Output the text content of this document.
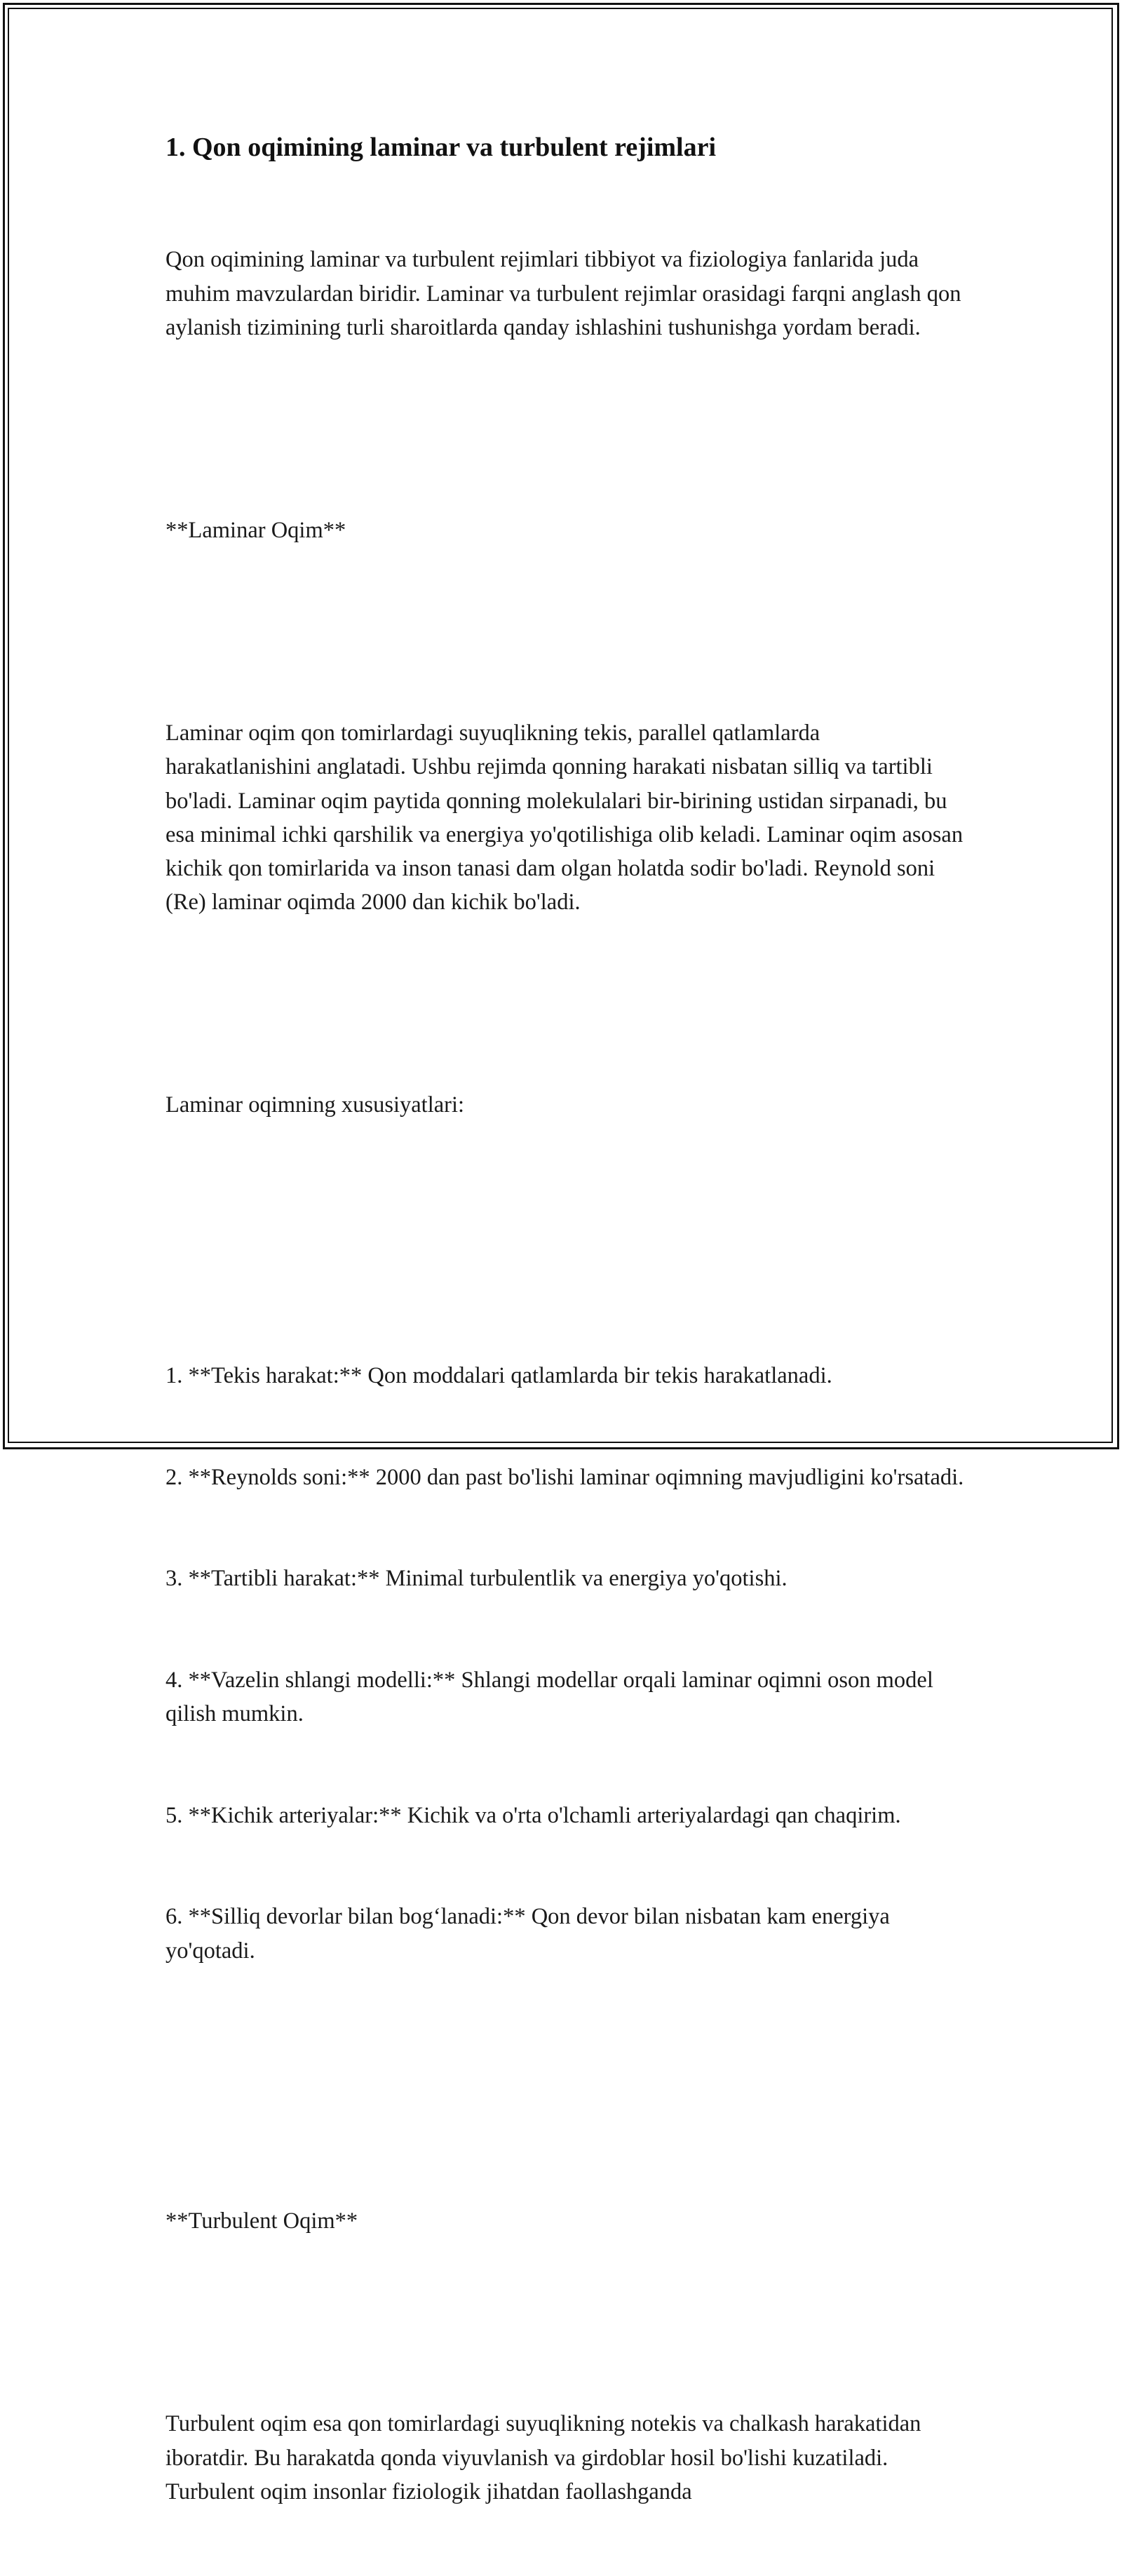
1. Qon oqimining laminar va turbulent rejimlari

Qon oqimining laminar va turbulent rejimlari tibbiyot va fiziologiya fanlarida juda muhim mavzulardan biridir. Laminar va turbulent rejimlar orasidagi farqni anglash qon aylanish tizimining turli sharoitlarda qanday ishlashini tushunishga yordam beradi.

**Laminar Oqim**

Laminar oqim qon tomirlardagi suyuqlikning tekis, parallel qatlamlarda harakatlanishini anglatadi. Ushbu rejimda qonning harakati nisbatan silliq va tartibli bo'ladi. Laminar oqim paytida qonning molekulalari bir-birining ustidan sirpanadi, bu esa minimal ichki qarshilik va energiya yo'qotilishiga olib keladi. Laminar oqim asosan kichik qon tomirlarida va inson tanasi dam olgan holatda sodir bo'ladi. Reynold soni (Re) laminar oqimda 2000 dan kichik bo'ladi.

Laminar oqimning xususiyatlari:

1. **Tekis harakat:** Qon moddalari qatlamlarda bir tekis harakatlanadi.

2. **Reynolds soni:** 2000 dan past bo'lishi laminar oqimning mavjudligini ko'rsatadi.

3. **Tartibli harakat:** Minimal turbulentlik va energiya yo'qotishi.

4. **Vazelin shlangi modelli:** Shlangi modellar orqali laminar oqimni oson model qilish mumkin.

5. **Kichik arteriyalar:** Kichik va o'rta o'lchamli arteriyalardagi qan chaqirim.

6. **Silliq devorlar bilan bog‘lanadi:** Qon devor bilan nisbatan kam energiya yo'qotadi.

**Turbulent Oqim**

Turbulent oqim esa qon tomirlardagi suyuqlikning notekis va chalkash harakatidan iboratdir. Bu harakatda qonda viyuvlanish va girdoblar hosil bo'lishi kuzatiladi. Turbulent oqim insonlar fiziologik jihatdan faollashganda
